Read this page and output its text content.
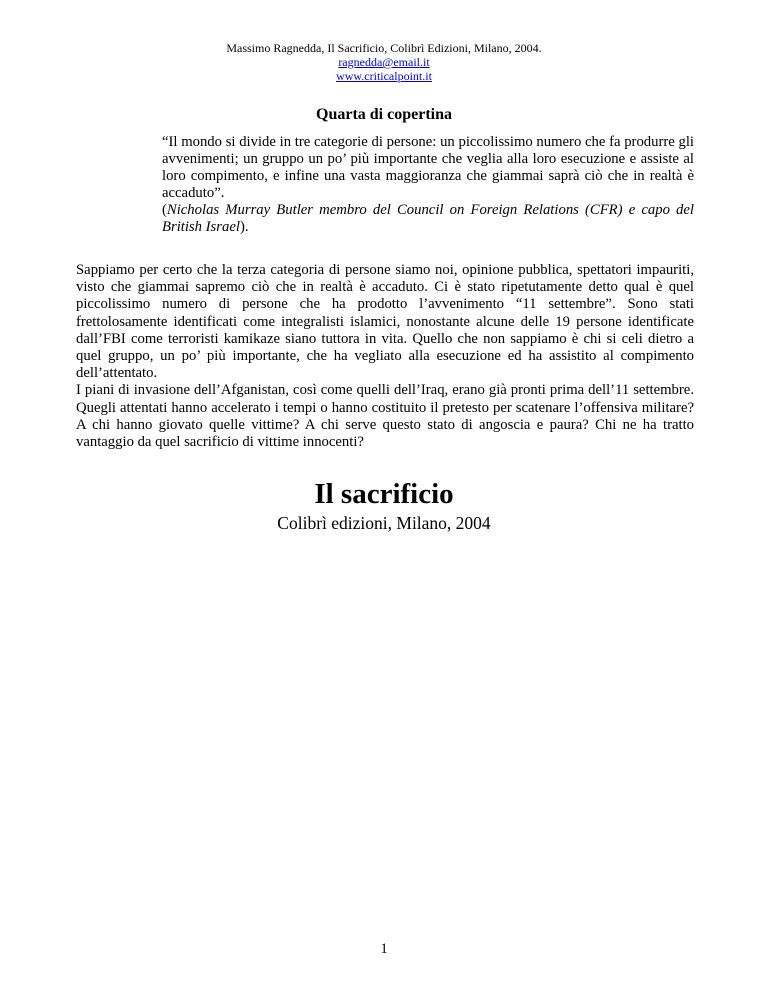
Massimo Ragnedda, Il Sacrificio, Colibrì Edizioni, Milano, 2004.
ragnedda@email.it
www.criticalpoint.it
Quarta di copertina

“Il mondo si divide in tre categorie di persone: un piccolissimo numero che fa produrre gli avvenimenti; un gruppo un po’ più importante che veglia alla loro esecuzione e assiste al loro compimento, e infine una vasta maggioranza che giammai saprà ciò che in realtà è accaduto”.

(Nicholas Murray Butler membro del Council on Foreign Relations (CFR) e capo del British Israel).

Sappiamo per certo che la terza categoria di persone siamo noi, opinione pubblica, spettatori impauriti, visto che giammai sapremo ciò che in realtà è accaduto. Ci è stato ripetutamente detto qual è quel piccolissimo numero di persone che ha prodotto l’avvenimento “11 settembre”. Sono stati frettolosamente identificati come integralisti islamici, nonostante alcune delle 19 persone identificate dall’FBI come terroristi kamikaze siano tuttora in vita. Quello che non sappiamo è chi si celi dietro a quel gruppo, un po’ più importante, che ha vegliato alla esecuzione ed ha assistito al compimento dell’attentato.

I piani di invasione dell’Afganistan, così come quelli dell’Iraq, erano già pronti prima dell’11 settembre. Quegli attentati hanno accelerato i tempi o hanno costituito il pretesto per scatenare l’offensiva militare? A chi hanno giovato quelle vittime? A chi serve questo stato di angoscia e paura? Chi ne ha tratto vantaggio da quel sacrificio di vittime innocenti?

Il sacrificio
Colibrì edizioni, Milano, 2004
1
